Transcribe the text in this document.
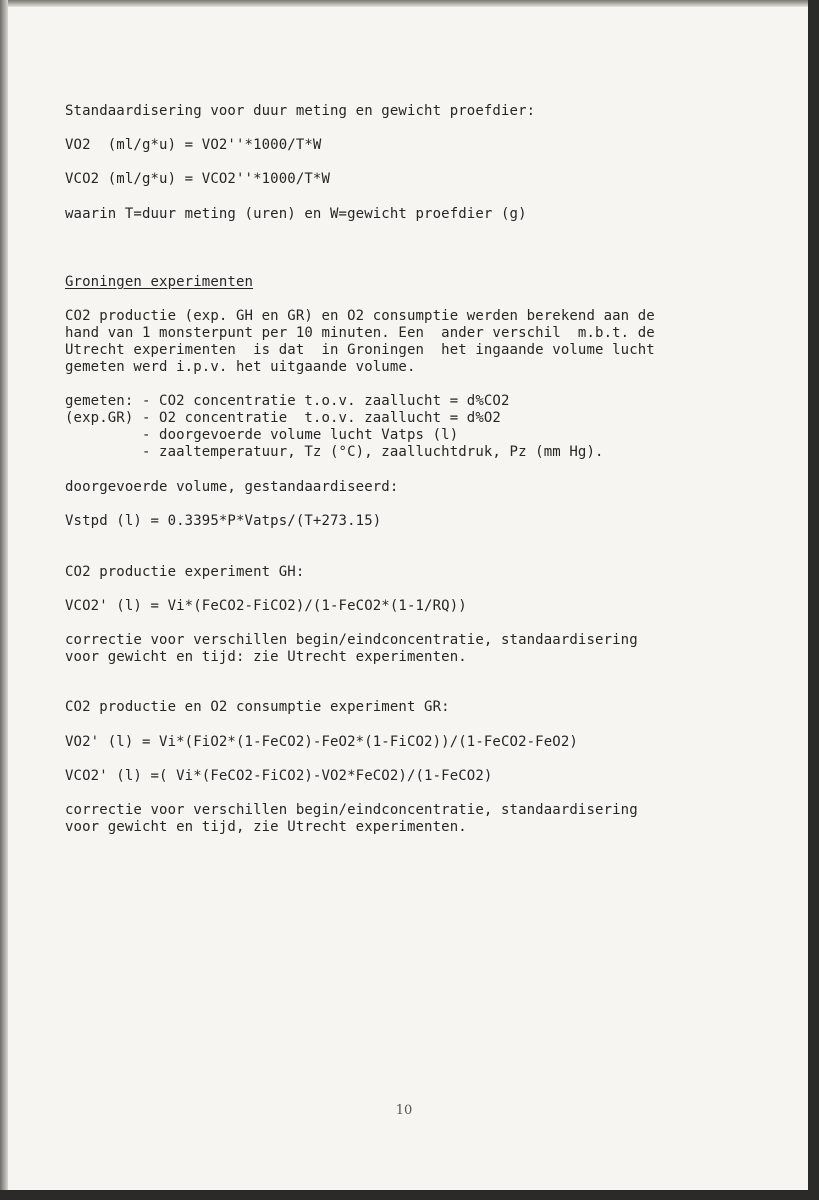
Standaardisering voor duur meting en gewicht proefdier:

VO2  (ml/g*u) = VO2''*1000/T*W

VCO2 (ml/g*u) = VCO2''*1000/T*W

waarin T=duur meting (uren) en W=gewicht proefdier (g)

Groningen experimenten

CO2 productie (exp. GH en GR) en O2 consumptie werden berekend aan de

hand van 1 monsterpunt per 10 minuten. Een  ander verschil  m.b.t. de

Utrecht experimenten  is dat  in Groningen  het ingaande volume lucht

gemeten werd i.p.v. het uitgaande volume.

gemeten: - CO2 concentratie t.o.v. zaallucht = d%CO2

(exp.GR) - O2 concentratie  t.o.v. zaallucht = d%O2

- doorgevoerde volume lucht Vatps (l)

- zaaltemperatuur, Tz (°C), zaalluchtdruk, Pz (mm Hg).

doorgevoerde volume, gestandaardiseerd:

Vstpd (l) = 0.3395*P*Vatps/(T+273.15)

CO2 productie experiment GH:

VCO2' (l) = Vi*(FeCO2-FiCO2)/(1-FeCO2*(1-1/RQ))

correctie voor verschillen begin/eindconcentratie, standaardisering

voor gewicht en tijd: zie Utrecht experimenten.

CO2 productie en O2 consumptie experiment GR:

VO2' (l) = Vi*(FiO2*(1-FeCO2)-FeO2*(1-FiCO2))/(1-FeCO2-FeO2)

VCO2' (l) =( Vi*(FeCO2-FiCO2)-VO2*FeCO2)/(1-FeCO2)

correctie voor verschillen begin/eindconcentratie, standaardisering

voor gewicht en tijd, zie Utrecht experimenten.

10
